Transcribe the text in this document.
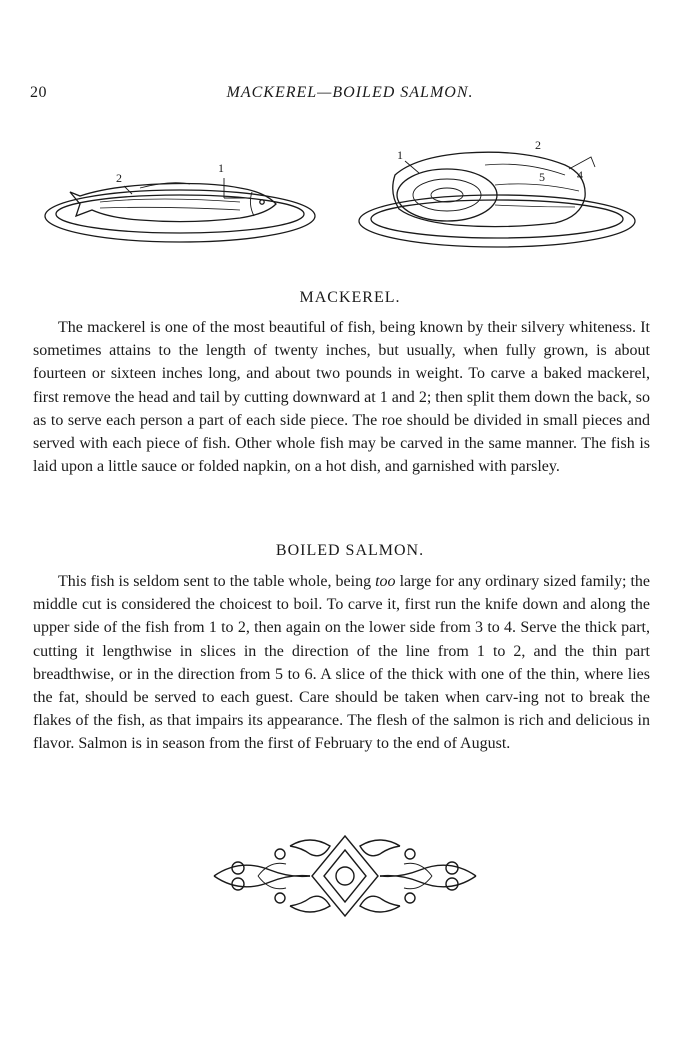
20	MACKEREL—BOILED SALMON.
2
1
1
2
5	4
MACKEREL.

The mackerel is one of the most beautiful of fish, being known by their silvery whiteness. It sometimes attains to the length of twenty inches, but usually, when fully grown, is about fourteen or sixteen inches long, and about two pounds in weight. To carve a baked mackerel, first remove the head and tail by cutting downward at 1 and 2; then split them down the back, so as to serve each person a part of each side piece. The roe should be divided in small pieces and served with each piece of fish. Other whole fish may be carved in the same manner. The fish is laid upon a little sauce or folded napkin, on a hot dish, and garnished with parsley.

BOILED SALMON.

This fish is seldom sent to the table whole, being too large for any ordinary sized family; the middle cut is considered the choicest to boil. To carve it, first run the knife down and along the upper side of the fish from 1 to 2, then again on the lower side from 3 to 4. Serve the thick part, cutting it lengthwise in slices in the direction of the line from 1 to 2, and the thin part breadthwise, or in the direction from 5 to 6. A slice of the thick with one of the thin, where lies the fat, should be served to each guest. Care should be taken when carv-ing not to break the flakes of the fish, as that impairs its appearance. The flesh of the salmon is rich and delicious in flavor. Salmon is in season from the first of February to the end of August.
